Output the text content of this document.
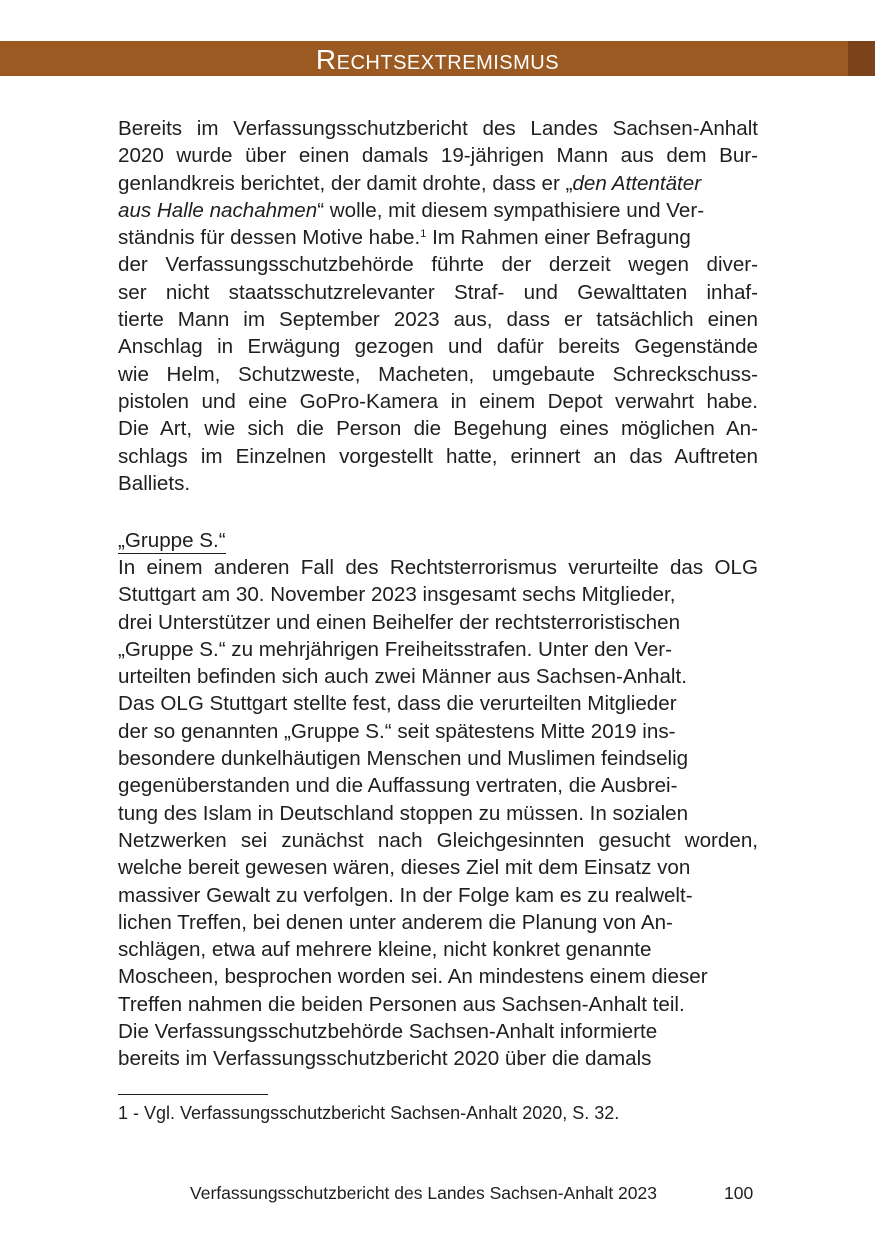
Rechtsextremismus

Bereits im Verfassungsschutzbericht des Landes Sachsen-Anhalt
2020 wurde über einen damals 19-jährigen Mann aus dem Bur-
genlandkreis berichtet, der damit drohte, dass er „den Attentäter
aus Halle nachahmen“ wolle, mit diesem sympathisiere und Ver-
ständnis für dessen Motive habe.$^1$ Im Rahmen einer Befragung
der Verfassungsschutzbehörde führte der derzeit wegen diver-
ser nicht staatsschutzrelevanter Straf- und Gewalttaten inhaf-
tierte Mann im September 2023 aus, dass er tatsächlich einen
Anschlag in Erwägung gezogen und dafür bereits Gegenstände
wie Helm, Schutzweste, Macheten, umgebaute Schreckschuss-
pistolen und eine GoPro-Kamera in einem Depot verwahrt habe.
Die Art, wie sich die Person die Begehung eines möglichen An-
schlags im Einzelnen vorgestellt hatte, erinnert an das Auftreten
Balliets.

„Gruppe S.“

In einem anderen Fall des Rechtsterrorismus verurteilte das OLG
Stuttgart am 30. November 2023 insgesamt sechs Mitglieder,
drei Unterstützer und einen Beihelfer der rechtsterroristischen
„Gruppe S.“ zu mehrjährigen Freiheitsstrafen. Unter den Ver-
urteilten befinden sich auch zwei Männer aus Sachsen-Anhalt.
Das OLG Stuttgart stellte fest, dass die verurteilten Mitglieder
der so genannten „Gruppe S.“ seit spätestens Mitte 2019 ins-
besondere dunkelhäutigen Menschen und Muslimen feindselig
gegenüberstanden und die Auffassung vertraten, die Ausbrei-
tung des Islam in Deutschland stoppen zu müssen. In sozialen
Netzwerken sei zunächst nach Gleichgesinnten gesucht worden,
welche bereit gewesen wären, dieses Ziel mit dem Einsatz von
massiver Gewalt zu verfolgen. In der Folge kam es zu realwelt-
lichen Treffen, bei denen unter anderem die Planung von An-
schlägen, etwa auf mehrere kleine, nicht konkret genannte
Moscheen, besprochen worden sei. An mindestens einem dieser
Treffen nahmen die beiden Personen aus Sachsen-Anhalt teil.
Die Verfassungsschutzbehörde Sachsen-Anhalt informierte
bereits im Verfassungsschutzbericht 2020 über die damals

1 - Vgl. Verfassungsschutzbericht Sachsen-Anhalt 2020, S. 32.

Verfassungsschutzbericht des Landes Sachsen-Anhalt 2023	100
